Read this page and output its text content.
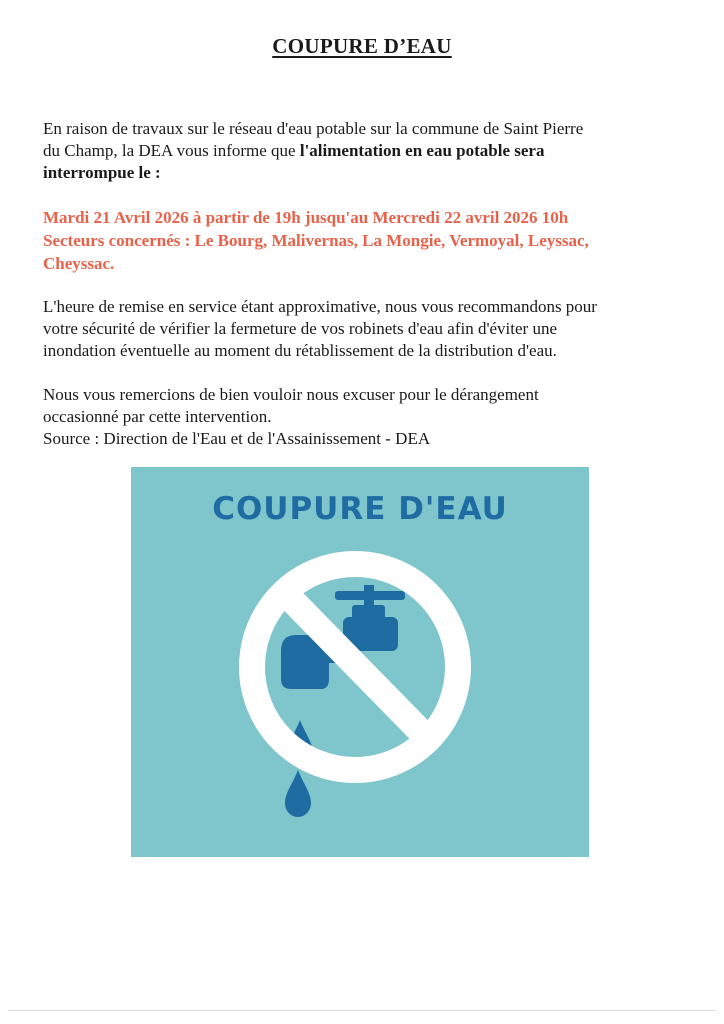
COUPURE D’EAU
En raison de travaux sur le réseau d'eau potable sur la commune de Saint Pierre
du Champ, la DEA vous informe que l'alimentation en eau potable sera
interrompue le :
Mardi 21 Avril 2026 à partir de 19h jusqu'au Mercredi 22 avril 2026 10h
Secteurs concernés : Le Bourg, Malivernas, La Mongie, Vermoyal, Leyssac,
Cheyssac.
L'heure de remise en service étant approximative, nous vous recommandons pour
votre sécurité de vérifier la fermeture de vos robinets d'eau afin d'éviter une
inondation éventuelle au moment du rétablissement de la distribution d'eau.
Nous vous remercions de bien vouloir nous excuser pour le dérangement
occasionné par cette intervention.
Source : Direction de l'Eau et de l'Assainissement - DEA
COUPURE D'EAU
